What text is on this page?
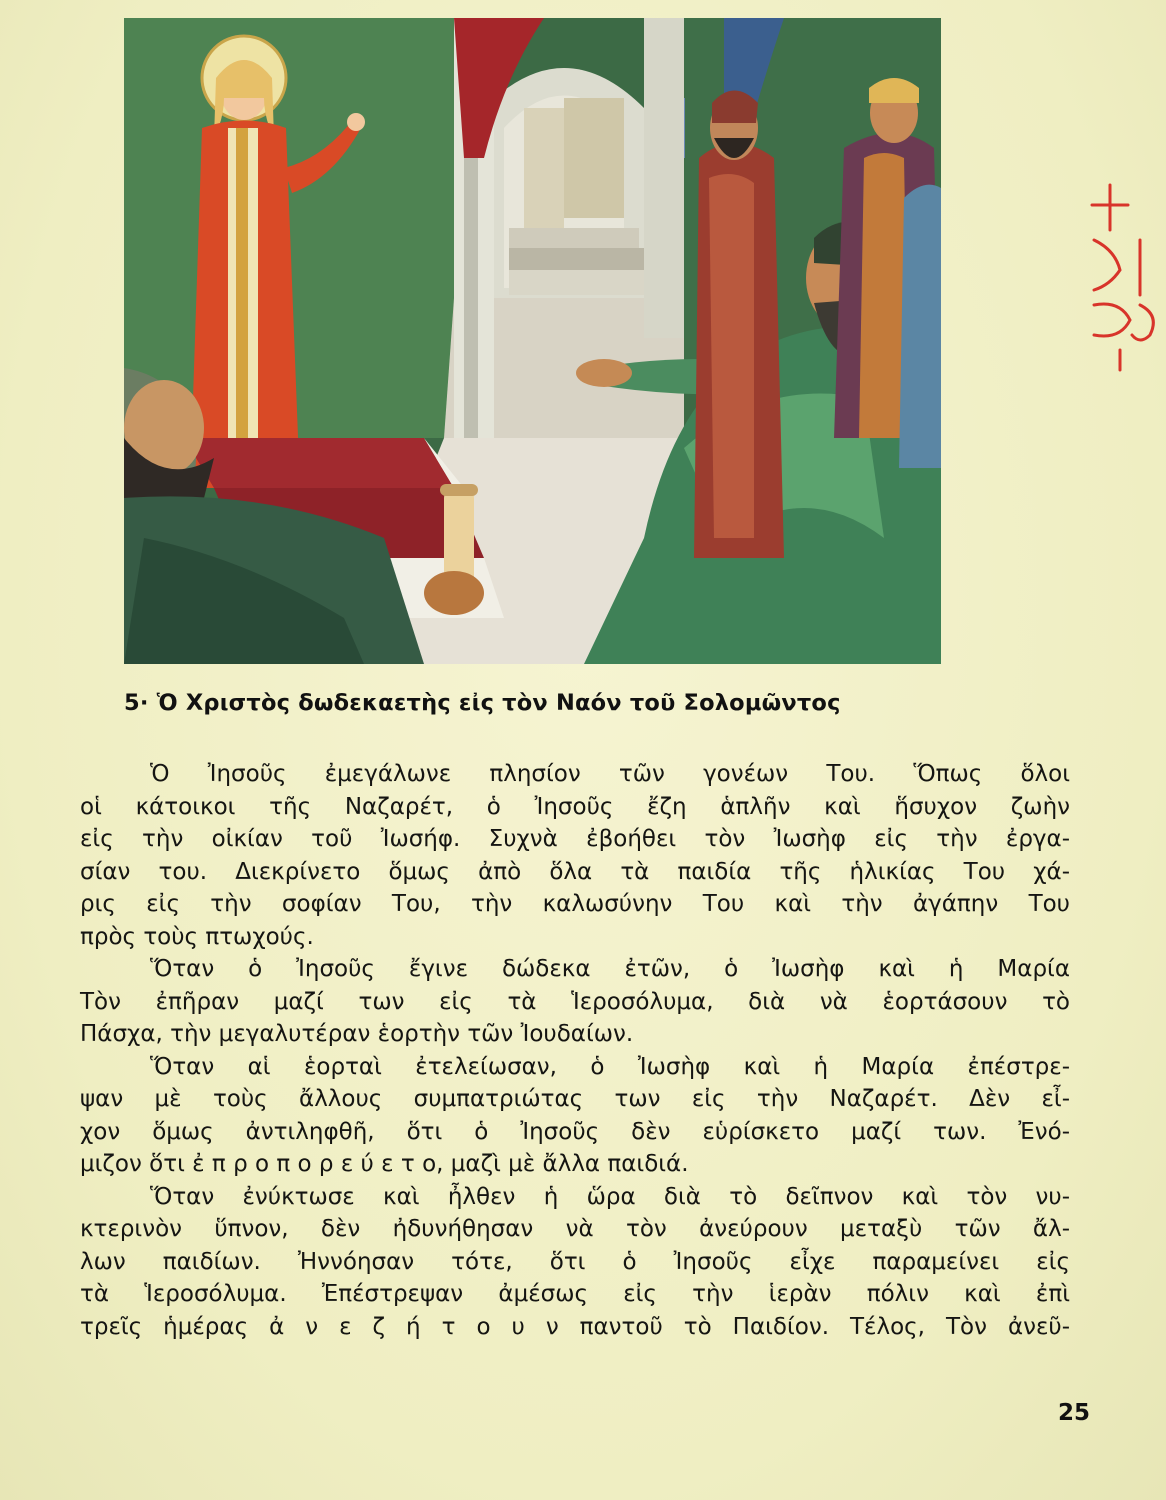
5· Ὁ Χριστὸς δωδεκαετὴς εἰς τὸν Ναόν τοῦ Σολομῶντος
Ὁ Ἰησοῦς ἐμεγάλωνε πλησίον τῶν γονέων Του. Ὅπως ὅλοι
οἱ κάτοικοι τῆς Ναζαρέτ, ὁ Ἰησοῦς ἔζη ἁπλῆν καὶ ἥσυχον ζωὴν
εἰς τὴν οἰκίαν τοῦ Ἰωσήφ. Συχνὰ ἐβοήθει τὸν Ἰωσὴφ εἰς τὴν ἐργα-
σίαν του. Διεκρίνετο ὅμως ἀπὸ ὅλα τὰ παιδία τῆς ἡλικίας Του χά-
ρις εἰς τὴν σοφίαν Του, τὴν καλωσύνην Του καὶ τὴν ἀγάπην Του
πρὸς τοὺς πτωχούς.
Ὅταν ὁ Ἰησοῦς ἔγινε δώδεκα ἐτῶν, ὁ Ἰωσὴφ καὶ ἡ Μαρία
Τὸν ἐπῆραν μαζί των εἰς τὰ Ἱεροσόλυμα, διὰ νὰ ἑορτάσουν τὸ
Πάσχα, τὴν μεγαλυτέραν ἑορτὴν τῶν Ἰουδαίων.
Ὅταν αἱ ἑορταὶ ἐτελείωσαν, ὁ Ἰωσὴφ καὶ ἡ Μαρία ἐπέστρε-
ψαν μὲ τοὺς ἄλλους συμπατριώτας των εἰς τὴν Ναζαρέτ. Δὲν εἶ-
χον ὅμως ἀντιληφθῆ, ὅτι ὁ Ἰησοῦς δὲν εὑρίσκετο μαζί των. Ἐνό-
μιζον ὅτι ἐ π ρ ο π ο ρ ε ύ ε τ ο, μαζὶ μὲ ἄλλα παιδιά.
Ὅταν ἐνύκτωσε καὶ ἦλθεν ἡ ὥρα διὰ τὸ δεῖπνον καὶ τὸν νυ-
κτερινὸν ὕπνον, δὲν ἠδυνήθησαν νὰ τὸν ἀνεύρουν μεταξὺ τῶν ἄλ-
λων παιδίων. Ἠννόησαν τότε, ὅτι ὁ Ἰησοῦς εἶχε παραμείνει εἰς
τὰ Ἱεροσόλυμα. Ἐπέστρεψαν ἀμέσως εἰς τὴν ἱερὰν πόλιν καὶ ἐπὶ
τρεῖς ἡμέρας ἀ ν ε ζ ή τ ο υ ν παντοῦ τὸ Παιδίον. Τέλος, Τὸν ἀνεῦ-
25
